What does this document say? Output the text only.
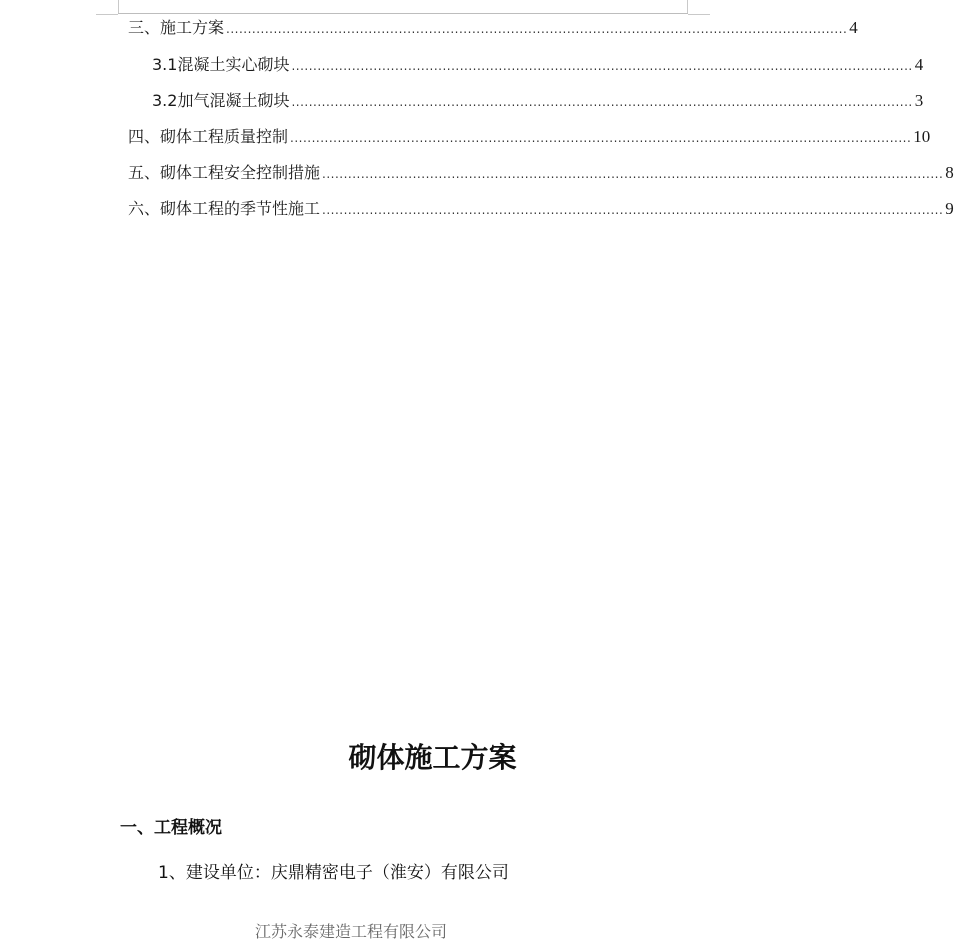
三、施工方案 ................................................................................................................................................ 4
3.1混凝土实心砌块 ................................................................................................................................................ 4
3.2加气混凝土砌块 ................................................................................................................................................ 3
四、砌体工程质量控制 ................................................................................................................................................ 10
五、砌体工程安全控制措施 ................................................................................................................................................ 8
六、砌体工程的季节性施工 ................................................................................................................................................ 9
砌体施工方案
一、工程概况
1、建设单位：庆鼎精密电子（淮安）有限公司
江苏永泰建造工程有限公司
